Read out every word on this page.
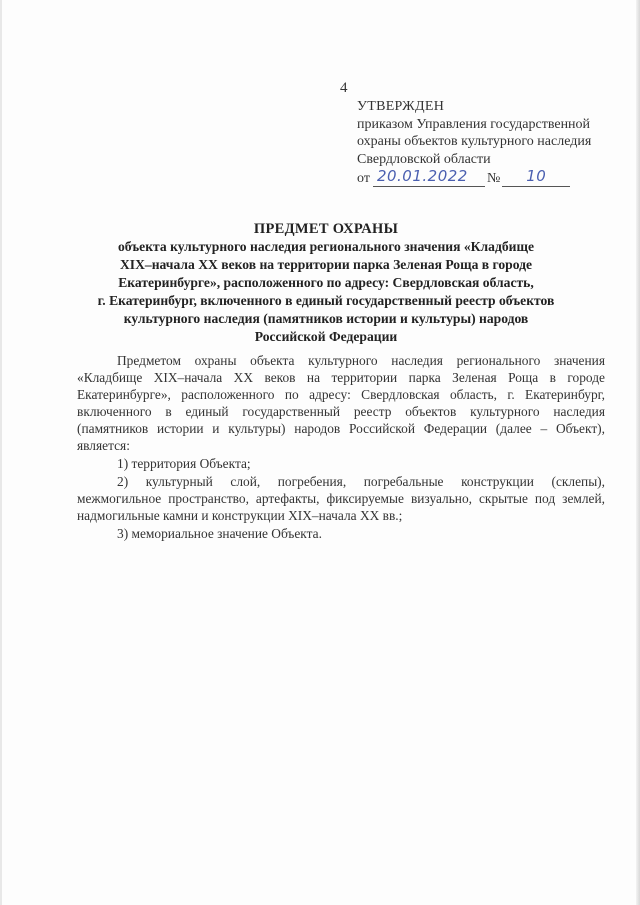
4
УТВЕРЖДЕН
приказом Управления государственной
охраны объектов культурного наследия
Свердловской области
от 20.01.2022	№	10
ПРЕДМЕТ ОХРАНЫ
объекта культурного наследия регионального значения «Кладбище
XIX–начала XX веков на территории парка Зеленая Роща в городе
Екатеринбурге», расположенного по адресу: Свердловская область,
г. Екатеринбург, включенного в единый государственный реестр объектов
культурного наследия (памятников истории и культуры) народов
Российской Федерации

Предметом охраны объекта культурного наследия регионального значения «Кладбище XIX–начала XX веков на территории парка Зеленая Роща в городе Екатеринбурге», расположенного по адресу: Свердловская область, г. Екатеринбург, включенного в единый государственный реестр объектов культурного наследия (памятников истории и культуры) народов Российской Федерации (далее – Объект), является:

1) территория Объекта;

2) культурный слой, погребения, погребальные конструкции (склепы), межмогильное пространство, артефакты, фиксируемые визуально, скрытые под землей, надмогильные камни и конструкции XIX–начала XX вв.;

3) мемориальное значение Объекта.
